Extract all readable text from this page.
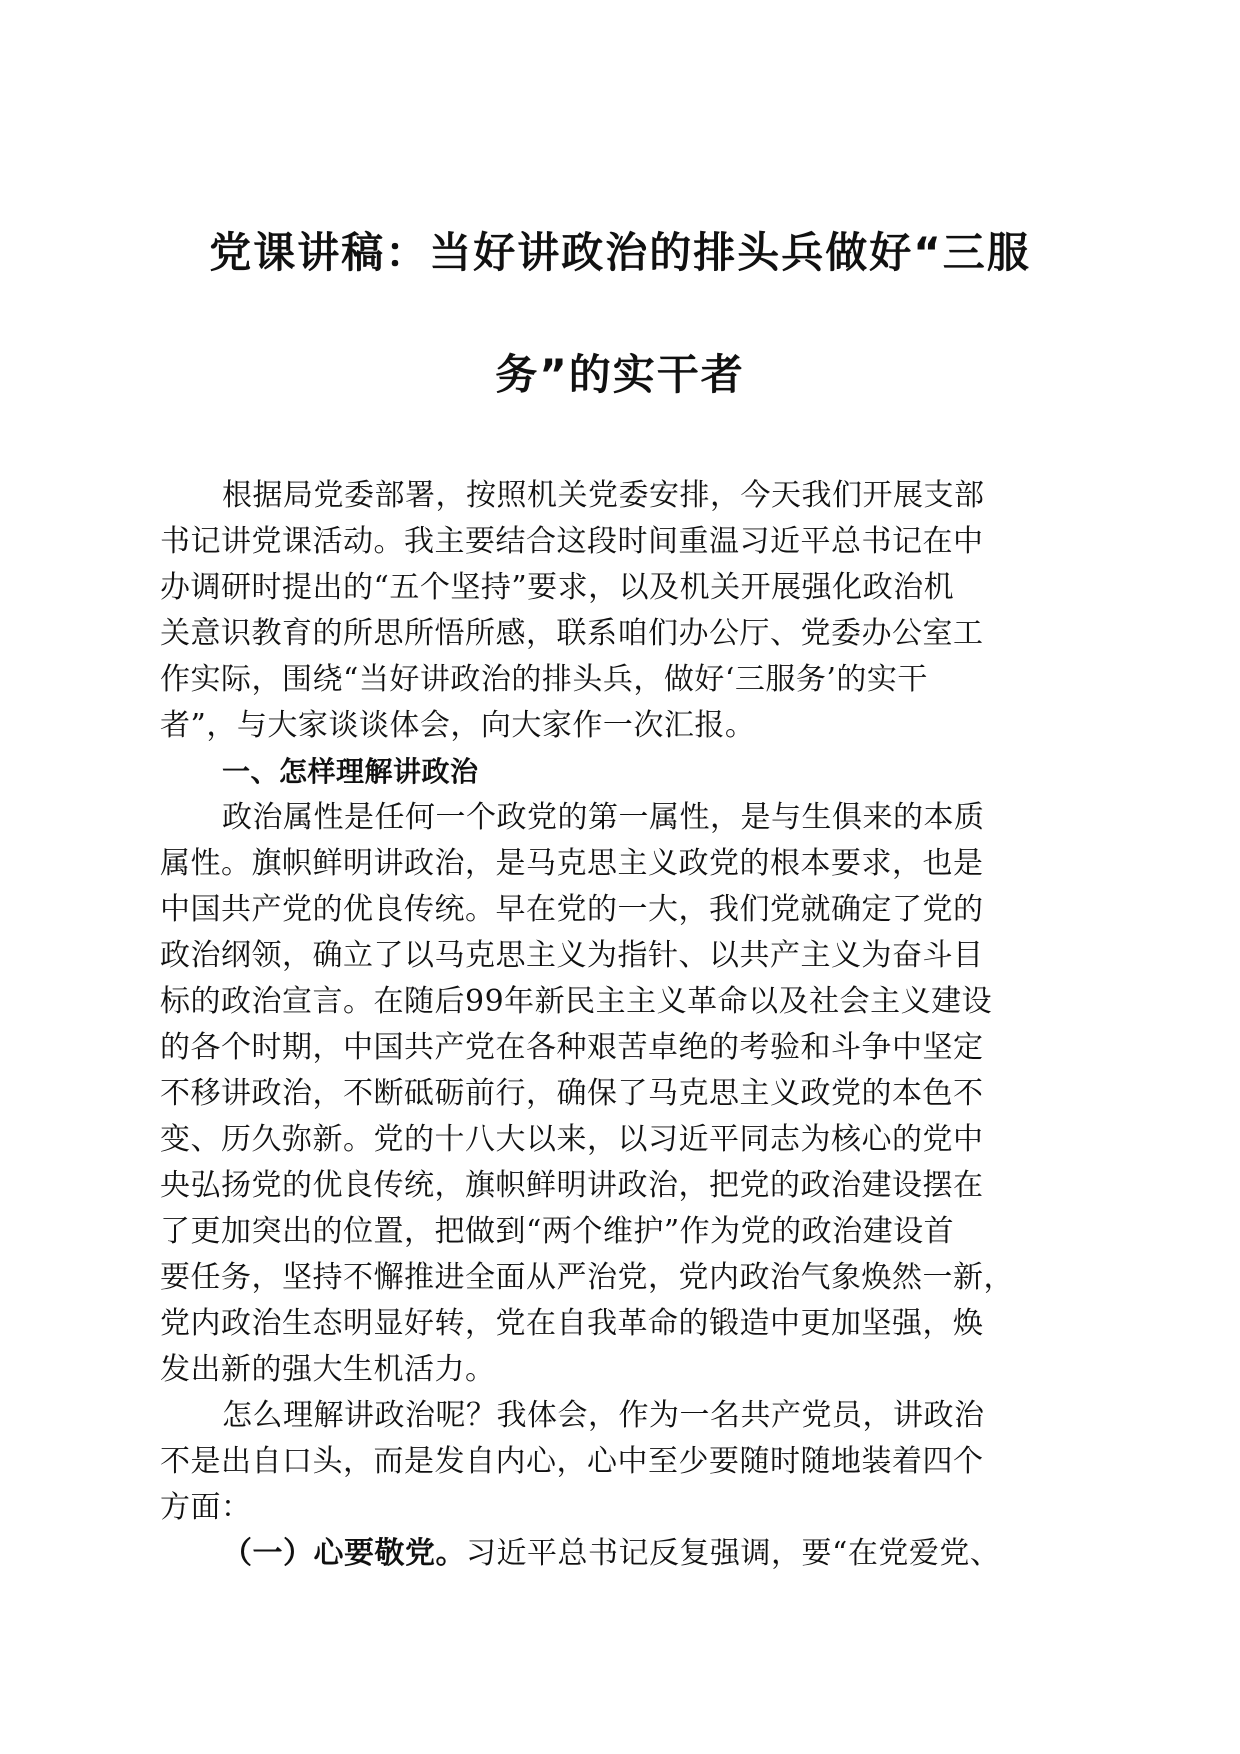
党课讲稿：当好讲政治的排头兵做好“三服
务”的实干者
根据局党委部署，按照机关党委安排，今天我们开展支部
书记讲党课活动。我主要结合这段时间重温习近平总书记在中
办调研时提出的“五个坚持”要求，以及机关开展强化政治机
关意识教育的所思所悟所感，联系咱们办公厅、党委办公室工
作实际，围绕“当好讲政治的排头兵，做好‘三服务’的实干
者”，与大家谈谈体会，向大家作一次汇报。
一、怎样理解讲政治
政治属性是任何一个政党的第一属性，是与生俱来的本质
属性。旗帜鲜明讲政治，是马克思主义政党的根本要求，也是
中国共产党的优良传统。早在党的一大，我们党就确定了党的
政治纲领，确立了以马克思主义为指针、以共产主义为奋斗目
标的政治宣言。在随后99年新民主主义革命以及社会主义建设
的各个时期，中国共产党在各种艰苦卓绝的考验和斗争中坚定
不移讲政治，不断砥砺前行，确保了马克思主义政党的本色不
变、历久弥新。党的十八大以来，以习近平同志为核心的党中
央弘扬党的优良传统，旗帜鲜明讲政治，把党的政治建设摆在
了更加突出的位置，把做到“两个维护”作为党的政治建设首
要任务，坚持不懈推进全面从严治党，党内政治气象焕然一新，
党内政治生态明显好转，党在自我革命的锻造中更加坚强，焕
发出新的强大生机活力。
怎么理解讲政治呢？我体会，作为一名共产党员，讲政治
不是出自口头，而是发自内心，心中至少要随时随地装着四个
方面：
（一）心要敬党。习近平总书记反复强调，要“在党爱党、
